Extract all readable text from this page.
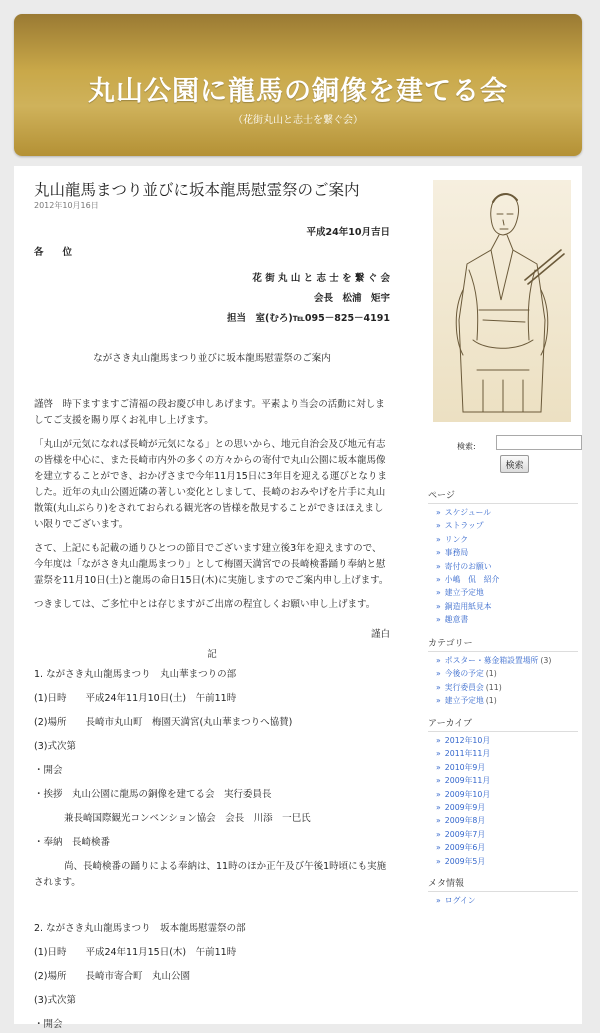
丸山公園に龍馬の銅像を建てる会
（花街丸山と志士を繋ぐ会）
丸山龍馬まつり並びに坂本龍馬慰霊祭のご案内
2012年10月16日

平成24年10月吉日

各　　位

花 街 丸 山 と 志 士 を 繋 ぐ 会

会長　松浦　矩宇

担当　室(むろ)℡095－825－4191

ながさき丸山龍馬まつり並びに坂本龍馬慰霊祭のご案内

謹啓　時下ますますご清福の段お慶び申しあげます。平素より当会の活動に対しましてご支援を賜り厚くお礼申し上げます。

「丸山が元気になれば長崎が元気になる」との思いから、地元自治会及び地元有志の皆様を中心に、また長崎市内外の多くの方々からの寄付で丸山公園に坂本龍馬像を建立することができ、おかげさまで今年11月15日に3年目を迎える運びとなりました。近年の丸山公園近隣の著しい変化としまして、長崎のおみやげを片手に丸山散策(丸山ぶらり)をされておられる観光客の皆様を散見することができほほえましい限りでございます。

さて、上記にも記載の通りひとつの節目でございます建立後3年を迎えますので、今年度は「ながさき丸山龍馬まつり」として梅園天満宮での長崎検番踊り奉納と慰霊祭を11月10日(土)と龍馬の命日15日(木)に実施しますのでご案内申し上げます。

つきましては、ご多忙中とは存じますがご出席の程宜しくお願い申し上げます。

謹白

記

1. ながさき丸山龍馬まつり　丸山華まつりの部

(1)日時　　平成24年11月10日(土)　午前11時

(2)場所　　長崎市丸山町　梅園天満宮(丸山華まつりへ協賛)

(3)式次第

・開会

・挨拶　丸山公園に龍馬の銅像を建てる会　実行委員長

兼長崎国際観光コンベンション協会　会長　川添　一巳氏

・奉納　長崎検番

尚、長崎検番の踊りによる奉納は、11時のほか正午及び午後1時頃にも実施されます。

2. ながさき丸山龍馬まつり　坂本龍馬慰霊祭の部

(1)日時　　平成24年11月15日(木)　午前11時

(2)場所　　長崎市寄合町　丸山公園

(3)式次第

・開会

検索:
検索
ページ
» スケジュール
» ストラップ
» リンク
» 事務局
» 寄付のお願い
» 小嶋　侃　紹介
» 建立予定地
» 銅造用紙見本
» 趣意書
カテゴリー
» ポスター・募金箱設置場所 (3)
» 今後の予定 (1)
» 実行委員会 (11)
» 建立予定地 (1)
アーカイブ
» 2012年10月
» 2011年11月
» 2010年9月
» 2009年11月
» 2009年10月
» 2009年9月
» 2009年8月
» 2009年7月
» 2009年6月
» 2009年5月
メタ情報
» ログイン
